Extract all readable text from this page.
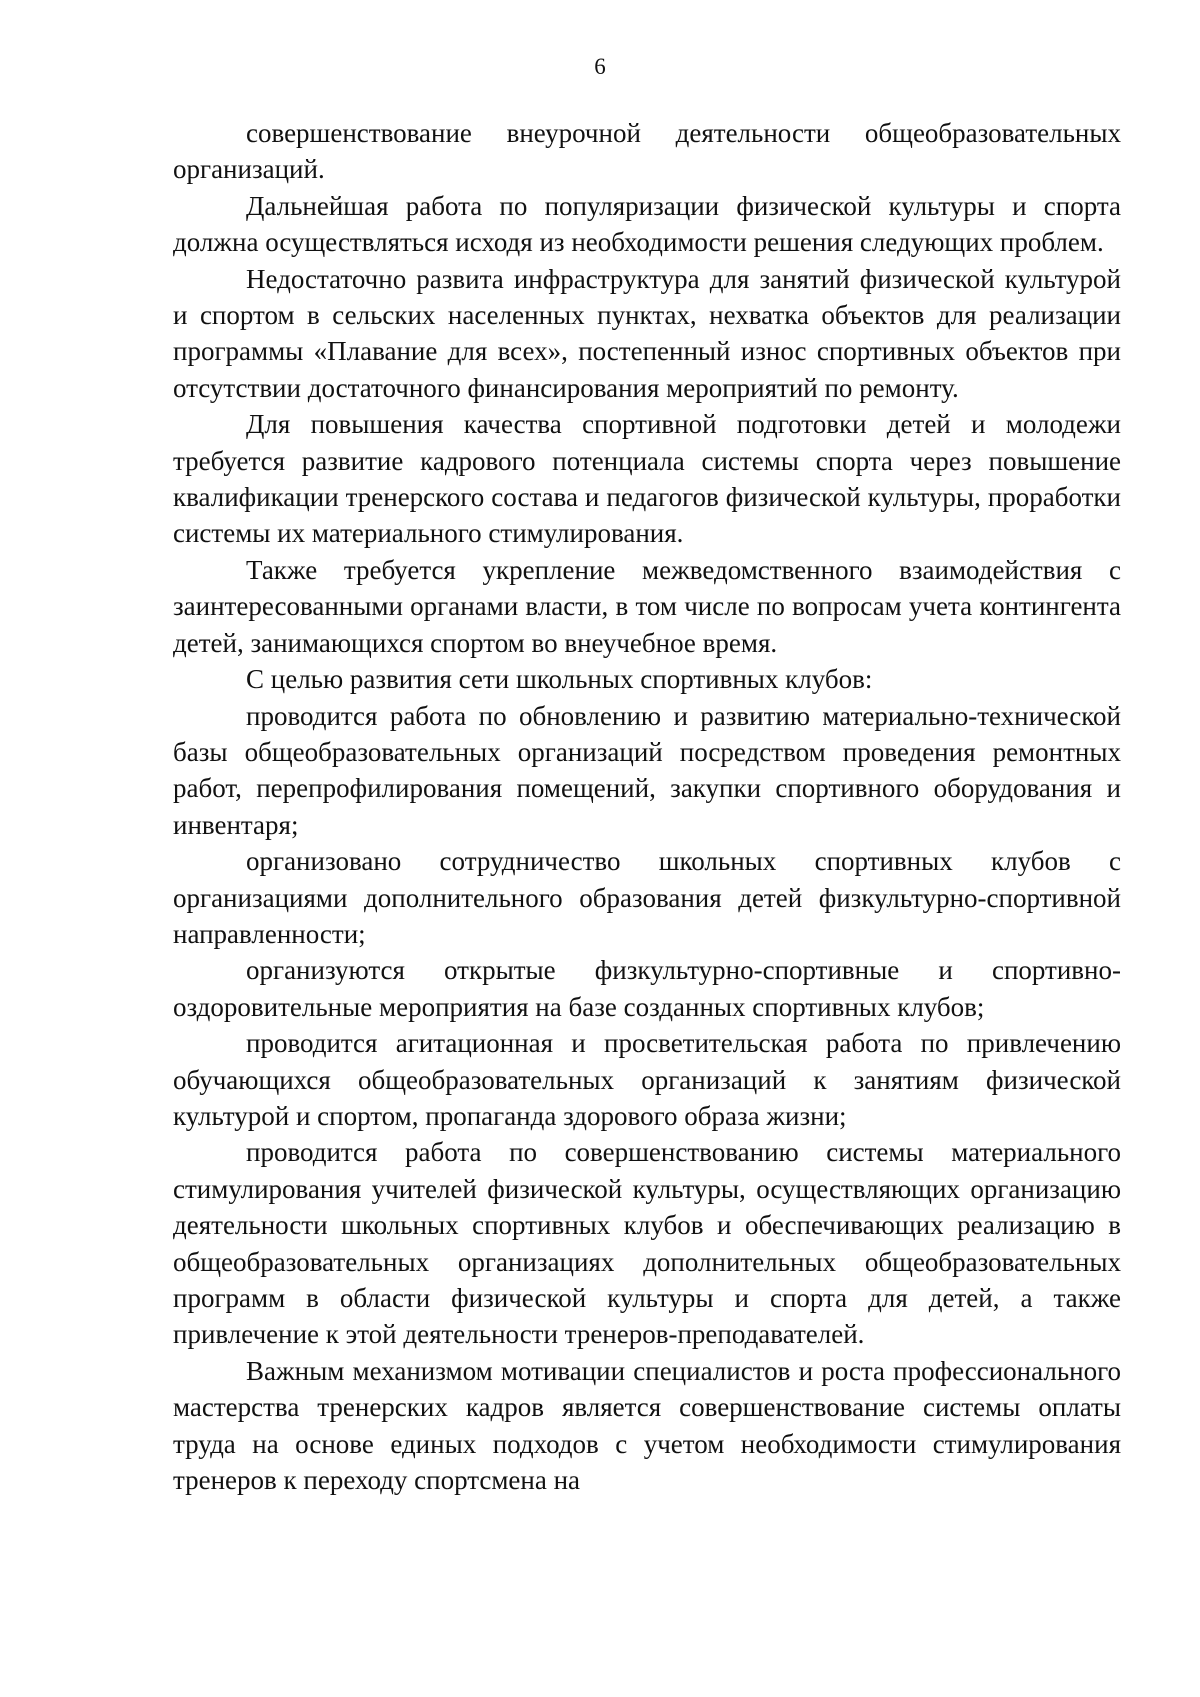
6

совершенствование внеурочной деятельности общеобразовательных организаций.

Дальнейшая работа по популяризации физической культуры и спорта должна осуществляться исходя из необходимости решения следующих проблем.

Недостаточно развита инфраструктура для занятий физической культурой и спортом в сельских населенных пунктах, нехватка объектов для реализации программы «Плавание для всех», постепенный износ спортивных объектов при отсутствии достаточного финансирования мероприятий по ремонту.

Для повышения качества спортивной подготовки детей и молодежи требуется развитие кадрового потенциала системы спорта через повышение квалификации тренерского состава и педагогов физической культуры, проработки системы их материального стимулирования.

Также требуется укрепление межведомственного взаимодействия с заинтересованными органами власти, в том числе по вопросам учета контингента детей, занимающихся спортом во внеучебное время.

С целью развития сети школьных спортивных клубов:

проводится работа по обновлению и развитию материально-технической базы общеобразовательных организаций посредством проведения ремонтных работ, перепрофилирования помещений, закупки спортивного оборудования и инвентаря;

организовано сотрудничество школьных спортивных клубов с организациями дополнительного образования детей физкультурно-спортивной направленности;

организуются открытые физкультурно-спортивные и спортивно-оздоровительные мероприятия на базе созданных спортивных клубов;

проводится агитационная и просветительская работа по привлечению обучающихся общеобразовательных организаций к занятиям физической культурой и спортом, пропаганда здорового образа жизни;

проводится работа по совершенствованию системы материального стимулирования учителей физической культуры, осуществляющих организацию деятельности школьных спортивных клубов и обеспечивающих реализацию в общеобразовательных организациях дополнительных общеобразовательных программ в области физической культуры и спорта для детей, а также привлечение к этой деятельности тренеров-преподавателей.

Важным механизмом мотивации специалистов и роста профессионального мастерства тренерских кадров является совершенствование системы оплаты труда на основе единых подходов с учетом необходимости стимулирования тренеров к переходу спортсмена на
